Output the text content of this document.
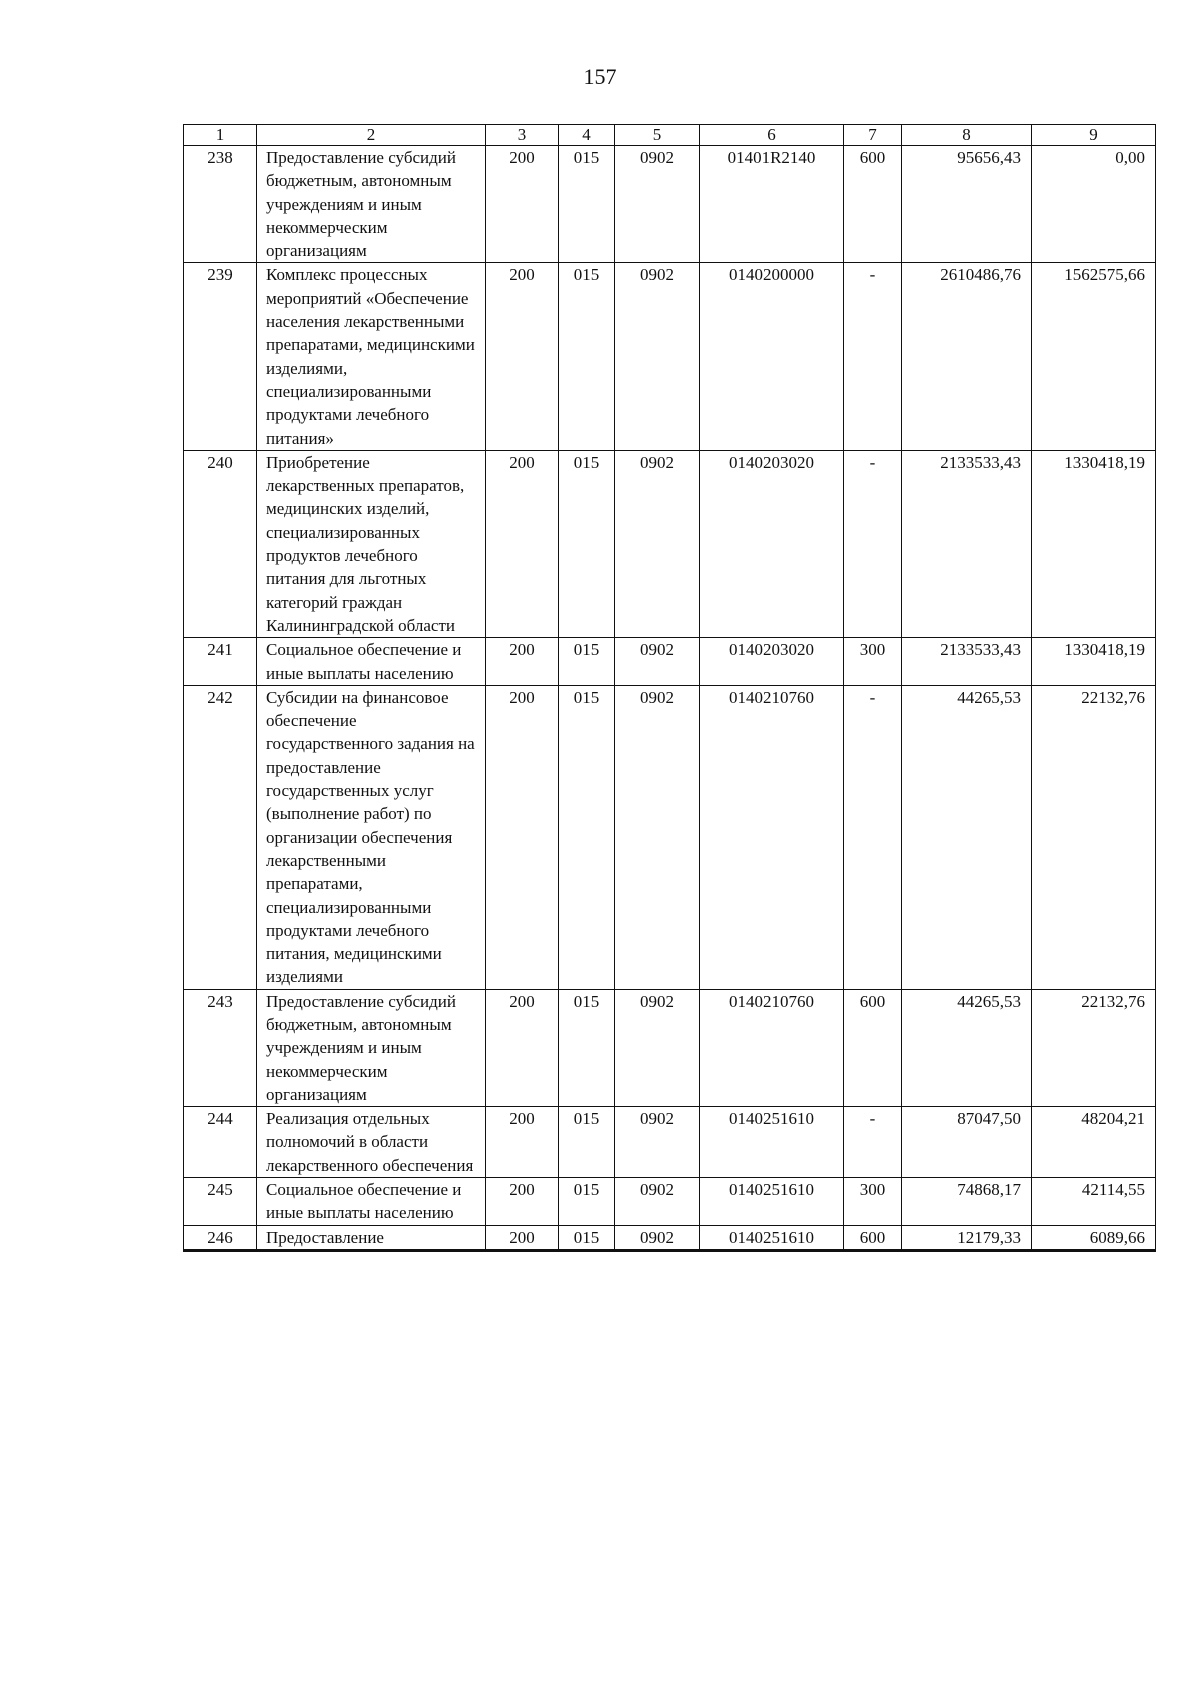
157
1	2	3	4	5	6	7	8	9
238	Предоставление субсидий бюджетным, автономным учреждениям и иным некоммерческим организациям	200	015	0902	01401R2140	600	95656,43	0,00
239	Комплекс процессных мероприятий «Обеспечение населения лекарственными препаратами, медицинскими изделиями, специализированными продуктами лечебного питания»	200	015	0902	0140200000	-	2610486,76	1562575,66
240	Приобретение лекарственных препаратов, медицинских изделий, специализированных продуктов лечебного питания для льготных категорий граждан Калининградской области	200	015	0902	0140203020	-	2133533,43	1330418,19
241	Социальное обеспечение и иные выплаты населению	200	015	0902	0140203020	300	2133533,43	1330418,19
242	Субсидии на финансовое обеспечение государственного задания на предоставление государственных услуг (выполнение работ) по организации обеспечения лекарственными препаратами, специализированными продуктами лечебного питания, медицинскими изделиями	200	015	0902	0140210760	-	44265,53	22132,76
243	Предоставление субсидий бюджетным, автономным учреждениям и иным некоммерческим организациям	200	015	0902	0140210760	600	44265,53	22132,76
244	Реализация отдельных полномочий в области лекарственного обеспечения	200	015	0902	0140251610	-	87047,50	48204,21
245	Социальное обеспечение и иные выплаты населению	200	015	0902	0140251610	300	74868,17	42114,55
246	Предоставление	200	015	0902	0140251610	600	12179,33	6089,66
